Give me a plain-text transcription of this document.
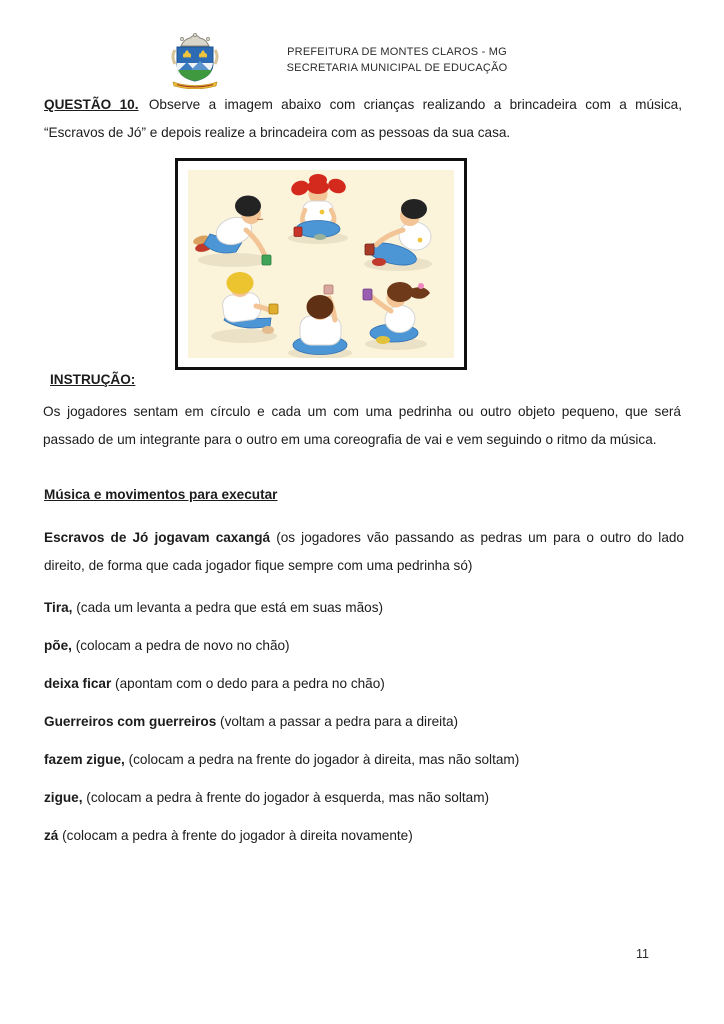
PREFEITURA DE MONTES CLAROS - MG
SECRETARIA MUNICIPAL DE EDUCAÇÃO

QUESTÃO 10. Observe a imagem abaixo com crianças realizando a brincadeira com a música, “Escravos de Jó” e depois realize a brincadeira com as pessoas da sua casa.

INSTRUÇÃO:

Os jogadores sentam em círculo e cada um com uma pedrinha ou outro objeto pequeno, que será passado de um integrante para o outro em uma coreografia de vai e vem seguindo o ritmo da música.

Música e movimentos para executar

Escravos de Jó jogavam caxangá (os jogadores vão passando as pedras um para o outro do lado direito, de forma que cada jogador fique sempre com uma pedrinha só)

Tira, (cada um levanta a pedra que está em suas mãos)

põe, (colocam a pedra de novo no chão)

deixa ficar (apontam com o dedo para a pedra no chão)

Guerreiros com guerreiros (voltam a passar a pedra para a direita)

fazem zigue, (colocam a pedra na frente do jogador à direita, mas não soltam)

zigue, (colocam a pedra à frente do jogador à esquerda, mas não soltam)

zá (colocam a pedra à frente do jogador à direita novamente)

11
